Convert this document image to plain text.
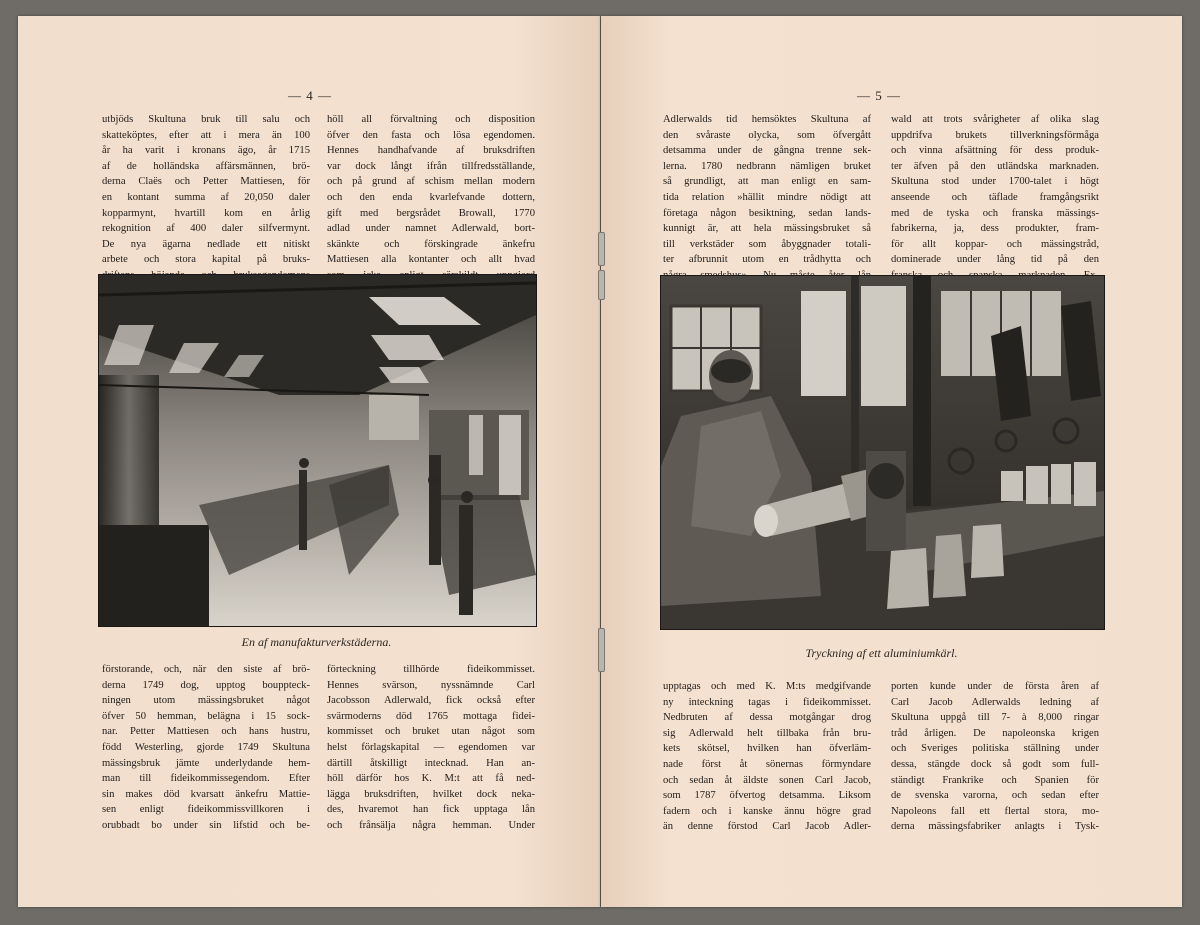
— 4 —
utbjöds Skultuna bruk till salu och
skatteköptes, efter att i mera än 100
år ha varit i kronans ägo, år 1715
af de holländska affärsmännen, brö-
derna Claës och Petter Mattiesen, för
en kontant summa af 20,050 daler
kopparmynt, hvartill kom en årlig
rekognition af 400 daler silfvermynt.
De nya ägarna nedlade ett nitiskt
arbete och stora kapital på bruks-
höll all förvaltning och disposition
öfver den fasta och lösa egendomen.
Hennes handhafvande af bruksdriften
var dock långt ifrån tillfredsställande,
och på grund af schism mellan modern
och den enda kvarlefvande dottern,
gift med bergsrådet Browall, 1770
adlad under namnet Adlerwald, bort-
skänkte och förskingrade änkefru
Mattiesen alla kontanter och allt hvad
En af manufakturverkstäderna.
förstorande, och, när den siste af brö-
derna 1749 dog, upptog bouppteck-
ningen utom mässingsbruket något
öfver 50 hemman, belägna i 15 sock-
nar. Petter Mattiesen och hans hustru,
född Westerling, gjorde 1749 Skultuna
mässingsbruk jämte underlydande hem-
man till fideikommissegendom. Efter
sin makes död kvarsatt änkefru Mattie-
sen enligt fideikommissvillkoren i
orubbadt bo under sin lifstid och be-
förteckning tillhörde fideikommisset.
Hennes svärson, nyssnämnde Carl
Jacobsson Adlerwald, fick också efter
svärmoderns död 1765 mottaga fidei-
kommisset och bruket utan något som
helst förlagskapital — egendomen var
därtill åtskilligt intecknad. Han an-
höll därför hos K. M:t att få ned-
lägga bruksdriften, hvilket dock neka-
des, hvaremot han fick upptaga lån
och frånsälja några hemman. Under
— 5 —
Adlerwalds tid hemsöktes Skultuna af
den svåraste olycka, som öfvergått
detsamma under de gångna trenne sek-
lerna. 1780 nedbrann nämligen bruket
så grundligt, att man enligt en sam-
tida relation »hällit mindre nödigt att
företaga någon besiktning, sedan lands-
kunnigt är, att hela mässingsbruket så
till verkstäder som åbyggnader totali-
ter afbrunnit utom en trådhytta och
wald att trots svårigheter af olika slag
uppdrifva brukets tillverkningsförmåga
och vinna afsättning för dess produk-
ter äfven på den utländska marknaden.
Skultuna stod under 1700-talet i högt
anseende och täflade framgångsrikt
med de tyska och franska mässings-
fabrikerna, ja, dess produkter, fram-
för allt koppar- och mässingstråd,
dominerade under lång tid på den
Tryckning af ett aluminiumkärl.
upptagas och med K. M:ts medgifvande
ny inteckning tagas i fideikommisset.
Nedbruten af dessa motgångar drog
sig Adlerwald helt tillbaka från bru-
kets skötsel, hvilken han öfverläm-
nade först åt sönernas förmyndare
och sedan åt äldste sonen Carl Jacob,
som 1787 öfvertog detsamma. Liksom
fadern och i kanske ännu högre grad
än denne förstod Carl Jacob Adler-
porten kunde under de första åren af
Carl Jacob Adlerwalds ledning af
Skultuna uppgå till 7- à 8,000 ringar
tråd årligen. De napoleonska krigen
och Sveriges politiska ställning under
dessa, stängde dock så godt som full-
ständigt Frankrike och Spanien för
de svenska varorna, och sedan efter
Napoleons fall ett flertal stora, mo-
derna mässingsfabriker anlagts i Tysk-
